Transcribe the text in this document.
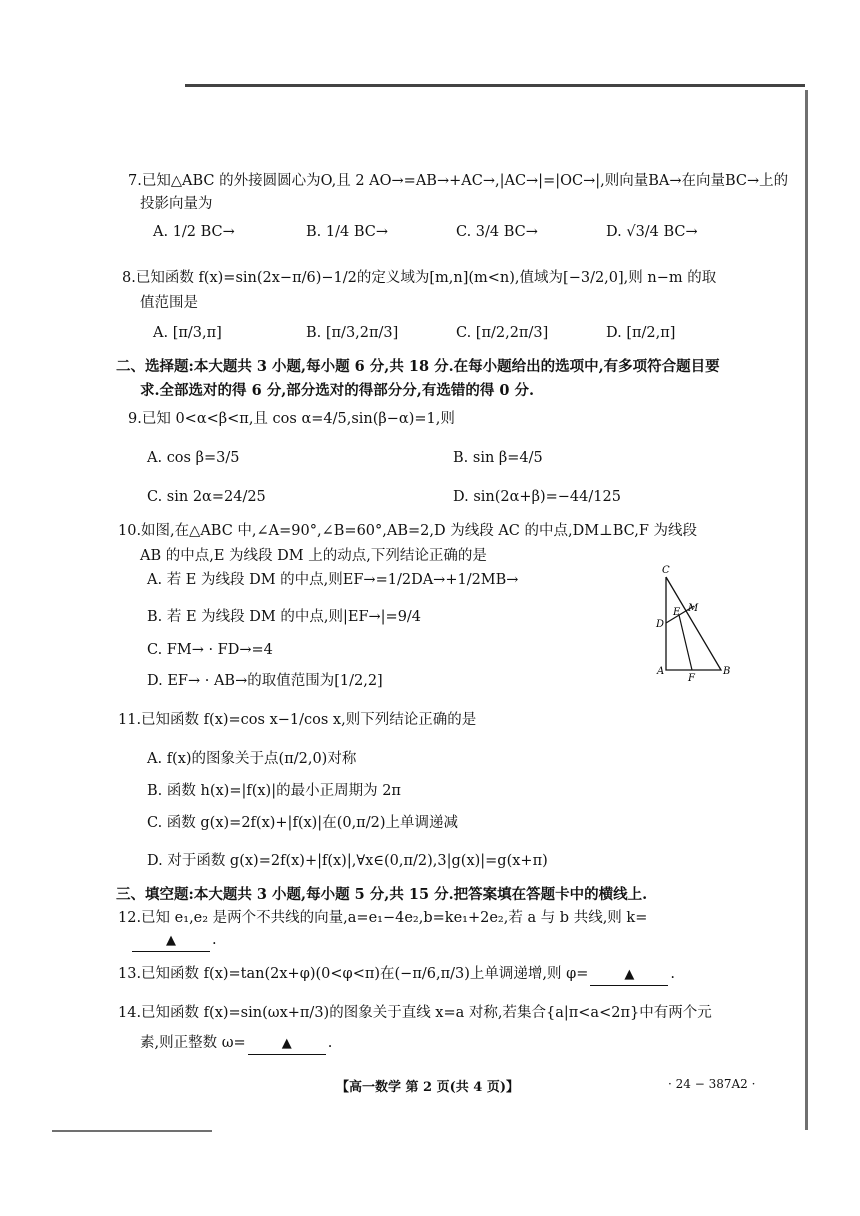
7.已知△ABC 的外接圆圆心为O,且 2 AO→=AB→+AC→,|AC→|=|OC→|,则向量BA→在向量BC→上的
投影向量为
A. 1/2 BC→	B. 1/4 BC→	C. 3/4 BC→	D. √3/4 BC→
8.已知函数 f(x)=sin(2x−π/6)−1/2的定义域为[m,n](m<n),值域为[−3/2,0],则 n−m 的取
值范围是
A. [π/3,π]	B. [π/3,2π/3]	C. [π/2,2π/3]	D. [π/2,π]
二、选择题:本大题共 3 小题,每小题 6 分,共 18 分.在每小题给出的选项中,有多项符合题目要
求.全部选对的得 6 分,部分选对的得部分分,有选错的得 0 分.
9.已知 0<α<β<π,且 cos α=4/5,sin(β−α)=1,则
A. cos β=3/5	B. sin β=4/5
C. sin 2α=24/25	D. sin(2α+β)=−44/125
10.如图,在△ABC 中,∠A=90°,∠B=60°,AB=2,D 为线段 AC 的中点,DM⊥BC,F 为线段
AB 的中点,E 为线段 DM 上的动点,下列结论正确的是
A. 若 E 为线段 DM 的中点,则EF→=1/2DA→+1/2MB→
B. 若 E 为线段 DM 的中点,则|EF→|=9/4
C. FM→ · FD→=4
D. EF→ · AB→的取值范围为[1/2,2]
C
E M
D
A
F
B
11.已知函数 f(x)=cos x−1/cos x,则下列结论正确的是
A. f(x)的图象关于点(π/2,0)对称
B. 函数 h(x)=|f(x)|的最小正周期为 2π
C. 函数 g(x)=2f(x)+|f(x)|在(0,π/2)上单调递减
D. 对于函数 g(x)=2f(x)+|f(x)|,∀x∈(0,π/2),3|g(x)|=g(x+π)
三、填空题:本大题共 3 小题,每小题 5 分,共 15 分.把答案填在答题卡中的横线上.
12.已知 e₁,e₂ 是两个不共线的向量,a=e₁−4e₂,b=ke₁+2e₂,若 a 与 b 共线,则 k=
▲ .
13.已知函数 f(x)=tan(2x+φ)(0<φ<π)在(−π/6,π/3)上单调递增,则 φ=	▲ .
14.已知函数 f(x)=sin(ωx+π/3)的图象关于直线 x=a 对称,若集合{a|π<a<2π}中有两个元
素,则正整数 ω=	▲ .
【高一数学 第 2 页(共 4 页)】	· 24 − 387A2 ·
